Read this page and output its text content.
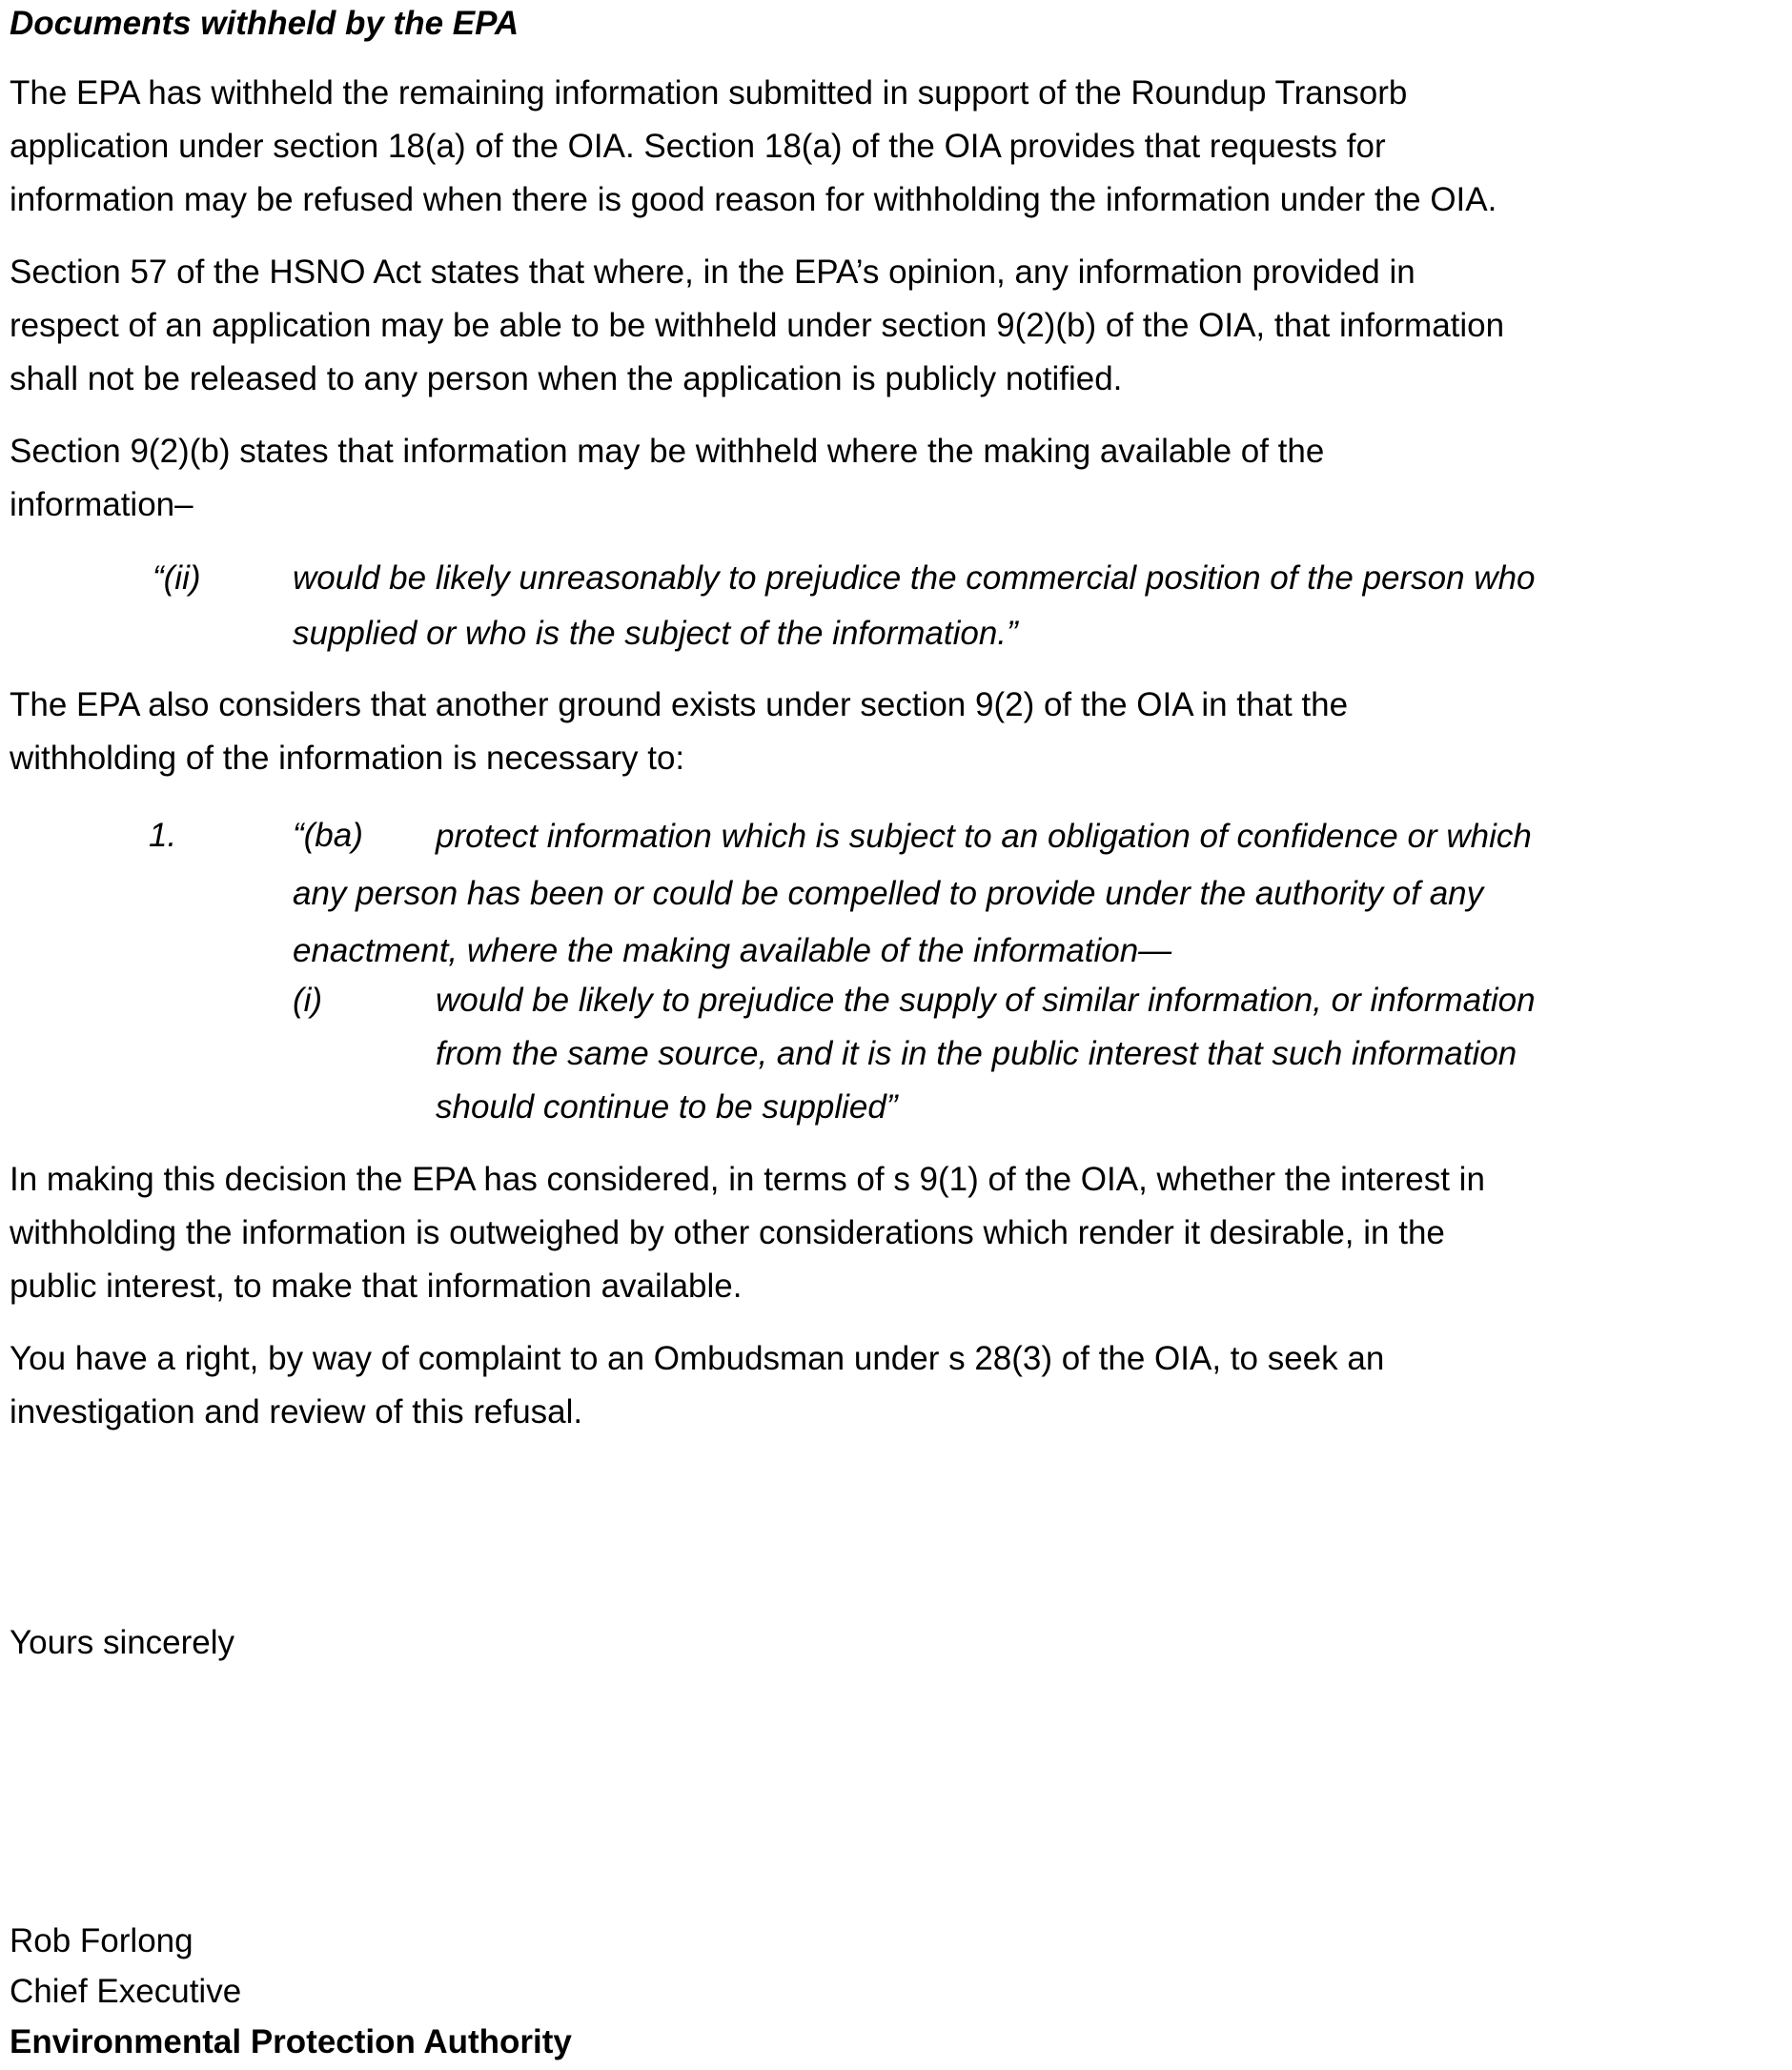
Documents withheld by the EPA
The EPA has withheld the remaining information submitted in support of the Roundup Transorb
application under section 18(a) of the OIA. Section 18(a) of the OIA provides that requests for
information may be refused when there is good reason for withholding the information under the OIA.
Section 57 of the HSNO Act states that where, in the EPA’s opinion, any information provided in
respect of an application may be able to be withheld under section 9(2)(b) of the OIA, that information
shall not be released to any person when the application is publicly notified.
Section 9(2)(b) states that information may be withheld where the making available of the
information–
“(ii)	would be likely unreasonably to prejudice the commercial position of the person who
supplied or who is the subject of the information.”
The EPA also considers that another ground exists under section 9(2) of the OIA in that the
withholding of the information is necessary to:
1.	“(ba) protect information which is subject to an obligation of confidence or which
any person has been or could be compelled to provide under the authority of any
enactment, where the making available of the information—
(i)	would be likely to prejudice the supply of similar information, or information
from the same source, and it is in the public interest that such information
should continue to be supplied”
In making this decision the EPA has considered, in terms of s 9(1) of the OIA, whether the interest in
withholding the information is outweighed by other considerations which render it desirable, in the
public interest, to make that information available.
You have a right, by way of complaint to an Ombudsman under s 28(3) of the OIA, to seek an
investigation and review of this refusal.
Yours sincerely
Rob Forlong
Chief Executive
Environmental Protection Authority
